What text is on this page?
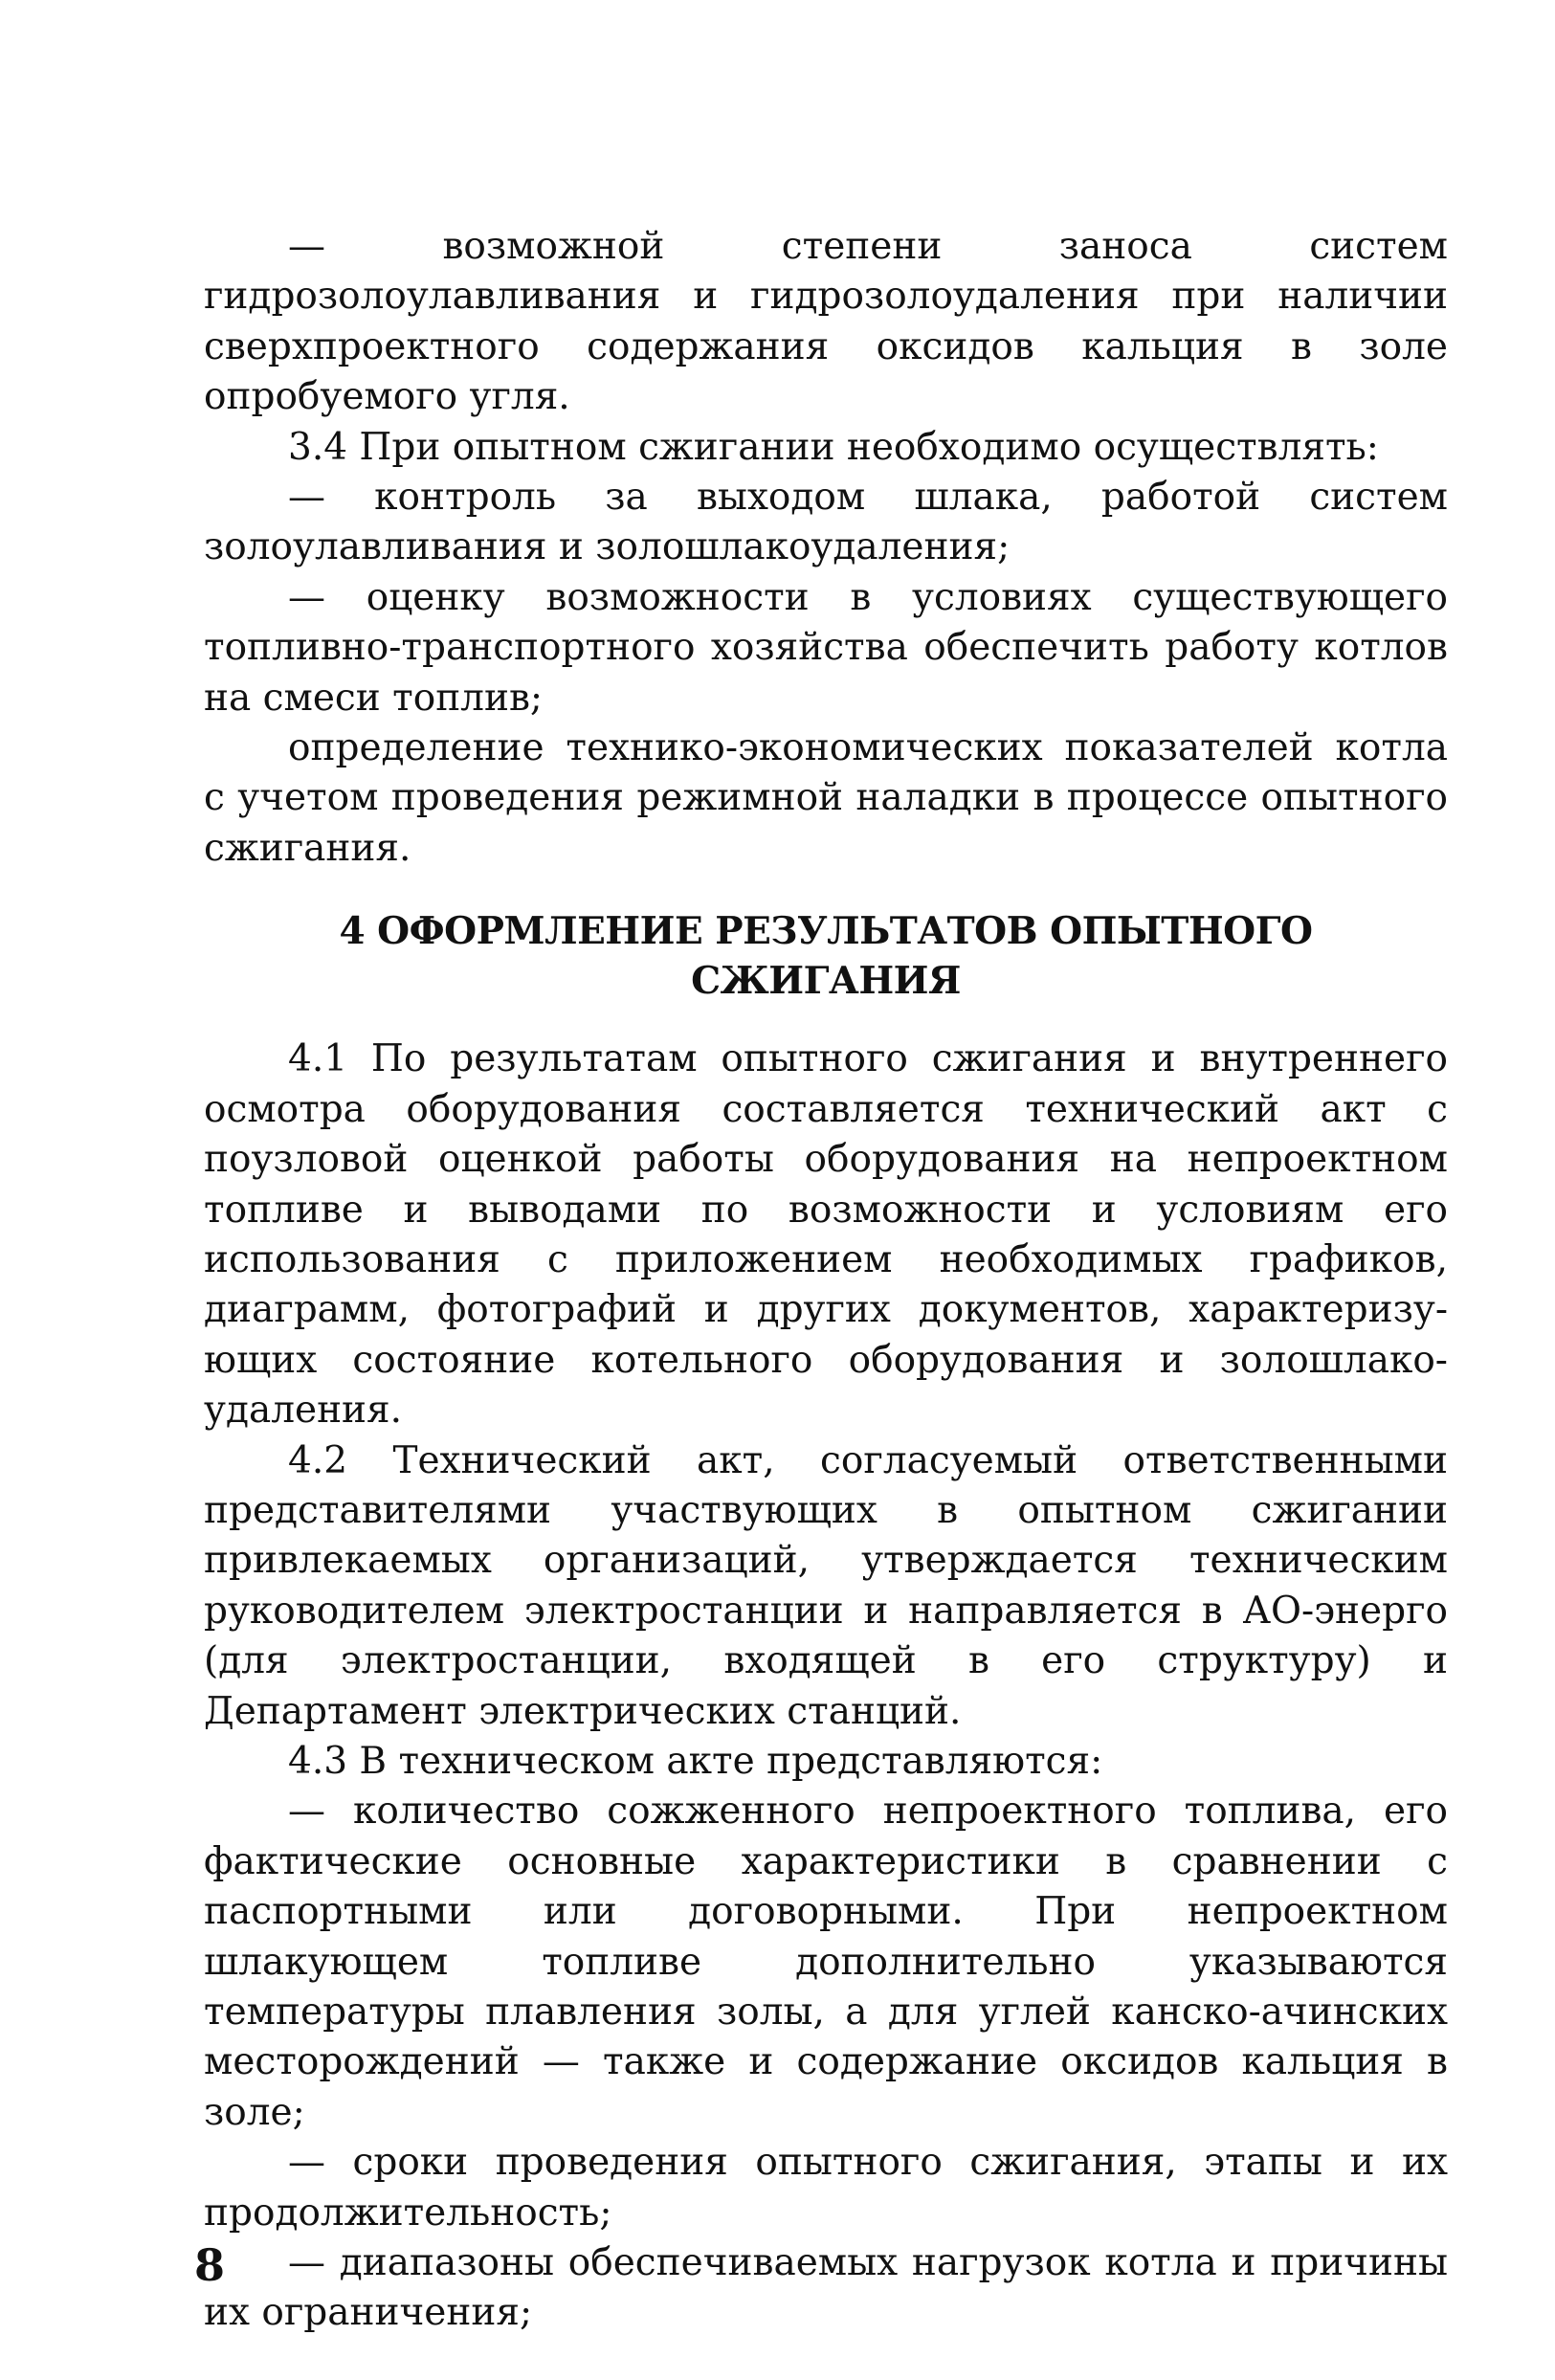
— возможной степени заноса систем гидрозолоулавливания и гидрозолоудаления при наличии сверхпроектного содержания оксидов кальция в золе опробуемого угля.

3.4 При опытном сжигании необходимо осуществлять:

— контроль за выходом шлака, работой систем золоулавливания и золошлакоудаления;

— оценку возможности в условиях существующего топливно-транспортного хозяйства обеспечить работу котлов на смеси топлив;

определение технико-экономических показателей котла с учетом проведения режимной наладки в процессе опытного сжигания.

4 ОФОРМЛЕНИЕ РЕЗУЛЬТАТОВ ОПЫТНОГО СЖИГАНИЯ

4.1 По результатам опытного сжигания и внутреннего осмотра оборудования составляется технический акт с поузловой оценкой работы оборудования на непроектном топливе и выводами по возможности и условиям его использования с приложением необходимых графиков, диаграмм, фотографий и других документов, характеризу-ющих состояние котельного оборудования и золошлако-удаления.

4.2 Технический акт, согласуемый ответственными представителями участвующих в опытном сжигании привлекаемых организаций, утверждается техническим руководителем электростанции и направляется в АО-энерго (для электростанции, входящей в его структуру) и Департамент электрических станций.

4.3 В техническом акте представляются:

— количество сожженного непроектного топлива, его фактические основные характеристики в сравнении с паспортными или договорными. При непроектном шлакующем топливе дополнительно указываются температуры плавления золы, а для углей канско-ачинских месторождений — также и содержание оксидов кальция в золе;

— сроки проведения опытного сжигания, этапы и их продолжительность;

— диапазоны обеспечиваемых нагрузок котла и причины их ограничения;

8
